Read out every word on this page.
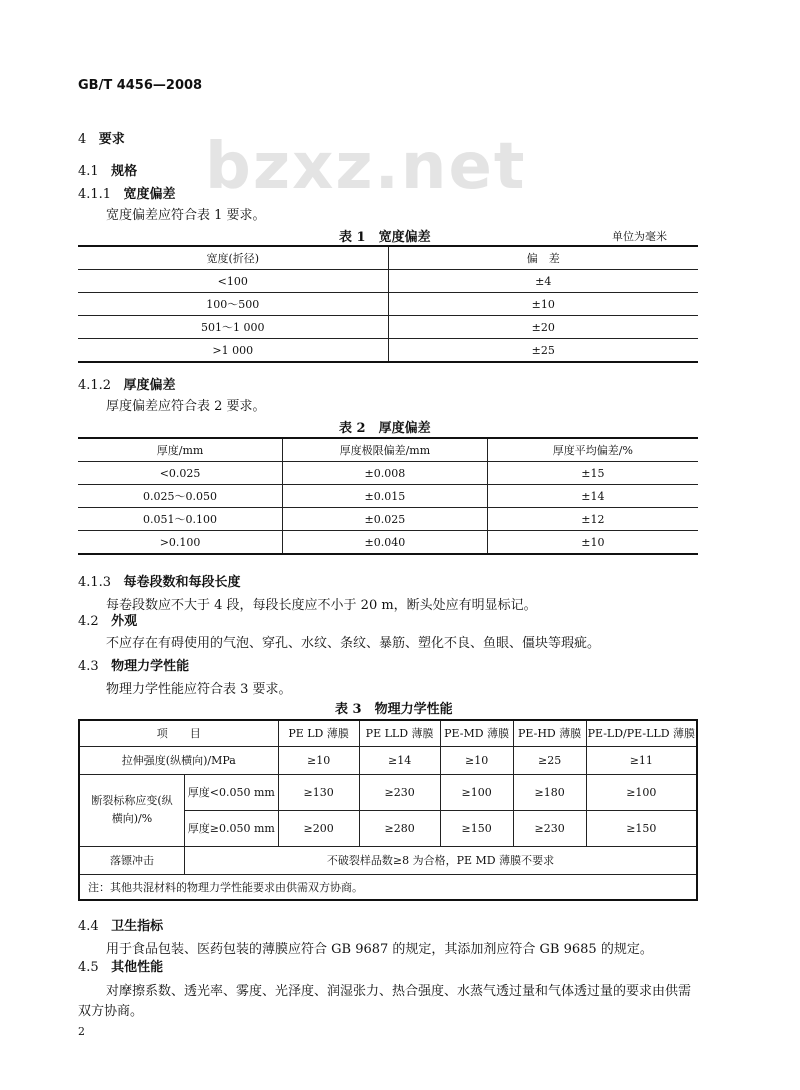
bzxz.net
GB/T 4456—2008
4 要求
4.1 规格
4.1.1 宽度偏差
宽度偏差应符合表 1 要求。
表 1　宽度偏差	单位为毫米
宽度(折径)	偏　差
<100	±4
100～500	±10
501～1 000	±20
>1 000	±25
4.1.2 厚度偏差
厚度偏差应符合表 2 要求。
表 2　厚度偏差
厚度/mm	厚度极限偏差/mm	厚度平均偏差/%
<0.025	±0.008	±15
0.025～0.050	±0.015	±14
0.051～0.100	±0.025	±12
>0.100	±0.040	±10
4.1.3 每卷段数和每段长度
每卷段数应不大于 4 段，每段长度应不小于 20 m，断头处应有明显标记。
4.2 外观
不应存在有碍使用的气泡、穿孔、水纹、条纹、暴筋、塑化不良、鱼眼、僵块等瑕疵。
4.3 物理力学性能
物理力学性能应符合表 3 要求。
表 3　物理力学性能
项　　目		PE LD 薄膜	PE LLD 薄膜	PE-MD 薄膜	PE-HD 薄膜	PE-LD/PE-LLD 薄膜
拉伸强度(纵横向)/MPa		≥10	≥14	≥10	≥25	≥11
断裂标称应变(纵横向)/%	厚度<0.050 mm	≥130	≥230	≥100	≥180	≥100
	厚度≥0.050 mm	≥200	≥280	≥150	≥230	≥150
落镖冲击	不破裂样品数≥8 为合格，PE MD 薄膜不要求					
注：其他共混材料的物理力学性能要求由供需双方协商。						
4.4 卫生指标
用于食品包装、医药包装的薄膜应符合 GB 9687 的规定，其添加剂应符合 GB 9685 的规定。
4.5 其他性能
对摩擦系数、透光率、雾度、光泽度、润湿张力、热合强度、水蒸气透过量和气体透过量的要求由供需
双方协商。
2
